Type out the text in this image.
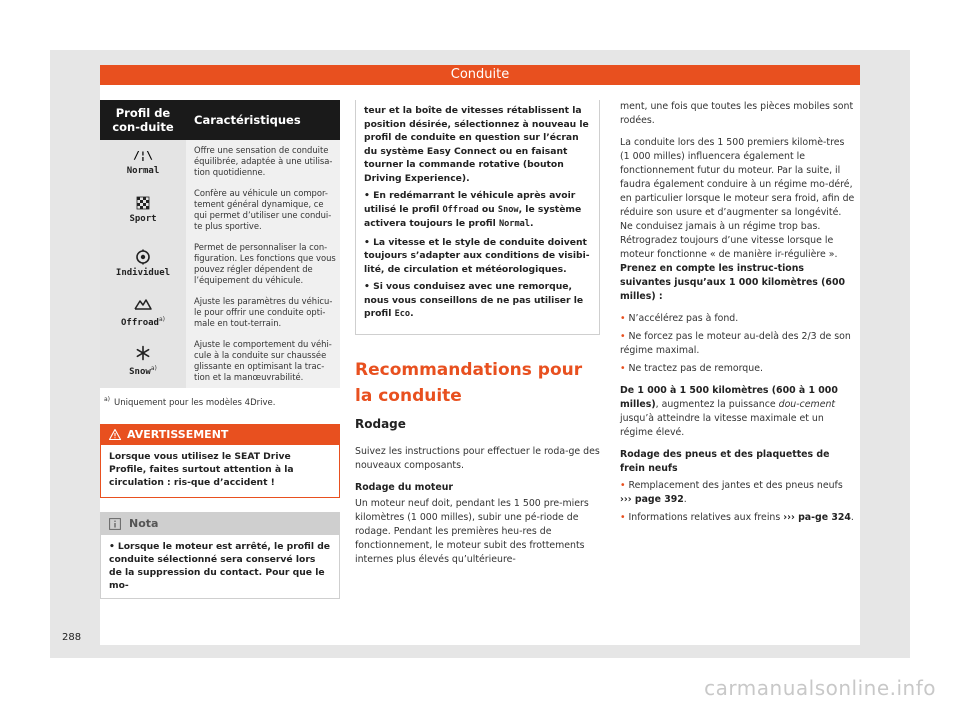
Conduite
Profil de con-duite	Caractéristiques

/¦\
Normal	Offre une sensation de conduite équilibrée, adaptée à une utilisa-tion quotidienne.

Sport	Confère au véhicule un compor-tement général dynamique, ce qui permet d’utiliser une condui-te plus sportive.

Individuel	Permet de personnaliser la con-figuration. Les fonctions que vous pouvez régler dépendent de l’équipement du véhicule.

Offroad$^{a)}$	Ajuste les paramètres du véhicu-le pour offrir une conduite opti-male en tout-terrain.

Snow$^{a)}$	Ajuste le comportement du véhi-cule à la conduite sur chaussée glissante en optimisant la trac-tion et la manœuvrabilité.
$^{a)}$ Uniquement pour les modèles 4Drive.
AVERTISSEMENT
Lorsque vous utilisez le SEAT Drive Profile, faites surtout attention à la circulation : ris-que d’accident !
Nota
• Lorsque le moteur est arrêté, le profil de conduite sélectionné sera conservé lors de la suppression du contact. Pour que le mo-

teur et la boîte de vitesses rétablissent la position désirée, sélectionnez à nouveau le profil de conduite en question sur l’écran du système Easy Connect ou en faisant tourner la commande rotative (bouton Driving Experience).

• En redémarrant le véhicule après avoir utilisé le profil Offroad ou Snow, le système activera toujours le profil Normal.

• La vitesse et le style de conduite doivent toujours s’adapter aux conditions de visibi-lité, de circulation et météorologiques.

• Si vous conduisez avec une remorque, nous vous conseillons de ne pas utiliser le profil Eco.

Recommandations pour la conduite
Rodage

Suivez les instructions pour effectuer le roda-ge des nouveaux composants.

Rodage du moteur

Un moteur neuf doit, pendant les 1 500 pre-miers kilomètres (1 000 milles), subir une pé-riode de rodage. Pendant les premières heu-res de fonctionnement, le moteur subit des frottements internes plus élevés qu’ultérieure-

ment, une fois que toutes les pièces mobiles sont rodées.

La conduite lors des 1 500 premiers kilomè-tres (1 000 milles) influencera également le fonctionnement futur du moteur. Par la suite, il faudra également conduire à un régime mo-déré, en particulier lorsque le moteur sera froid, afin de réduire son usure et d’augmenter sa longévité. Ne conduisez jamais à un régime trop bas. Rétrogradez toujours d’une vitesse lorsque le moteur fonctionne « de manière ir-régulière ». Prenez en compte les instruc-tions suivantes jusqu’aux 1 000 kilomètres (600 milles) :

• N’accélérez pas à fond.

• Ne forcez pas le moteur au-delà des 2/3 de son régime maximal.

• Ne tractez pas de remorque.

De 1 000 à 1 500 kilomètres (600 à 1 000 milles), augmentez la puissance dou-cement jusqu’à atteindre la vitesse maximale et un régime élevé.

Rodage des pneus et des plaquettes de frein neufs

• Remplacement des jantes et des pneus neufs ››› page 392.

• Informations relatives aux freins ››› pa-ge 324.

288
carmanualsonline.info
